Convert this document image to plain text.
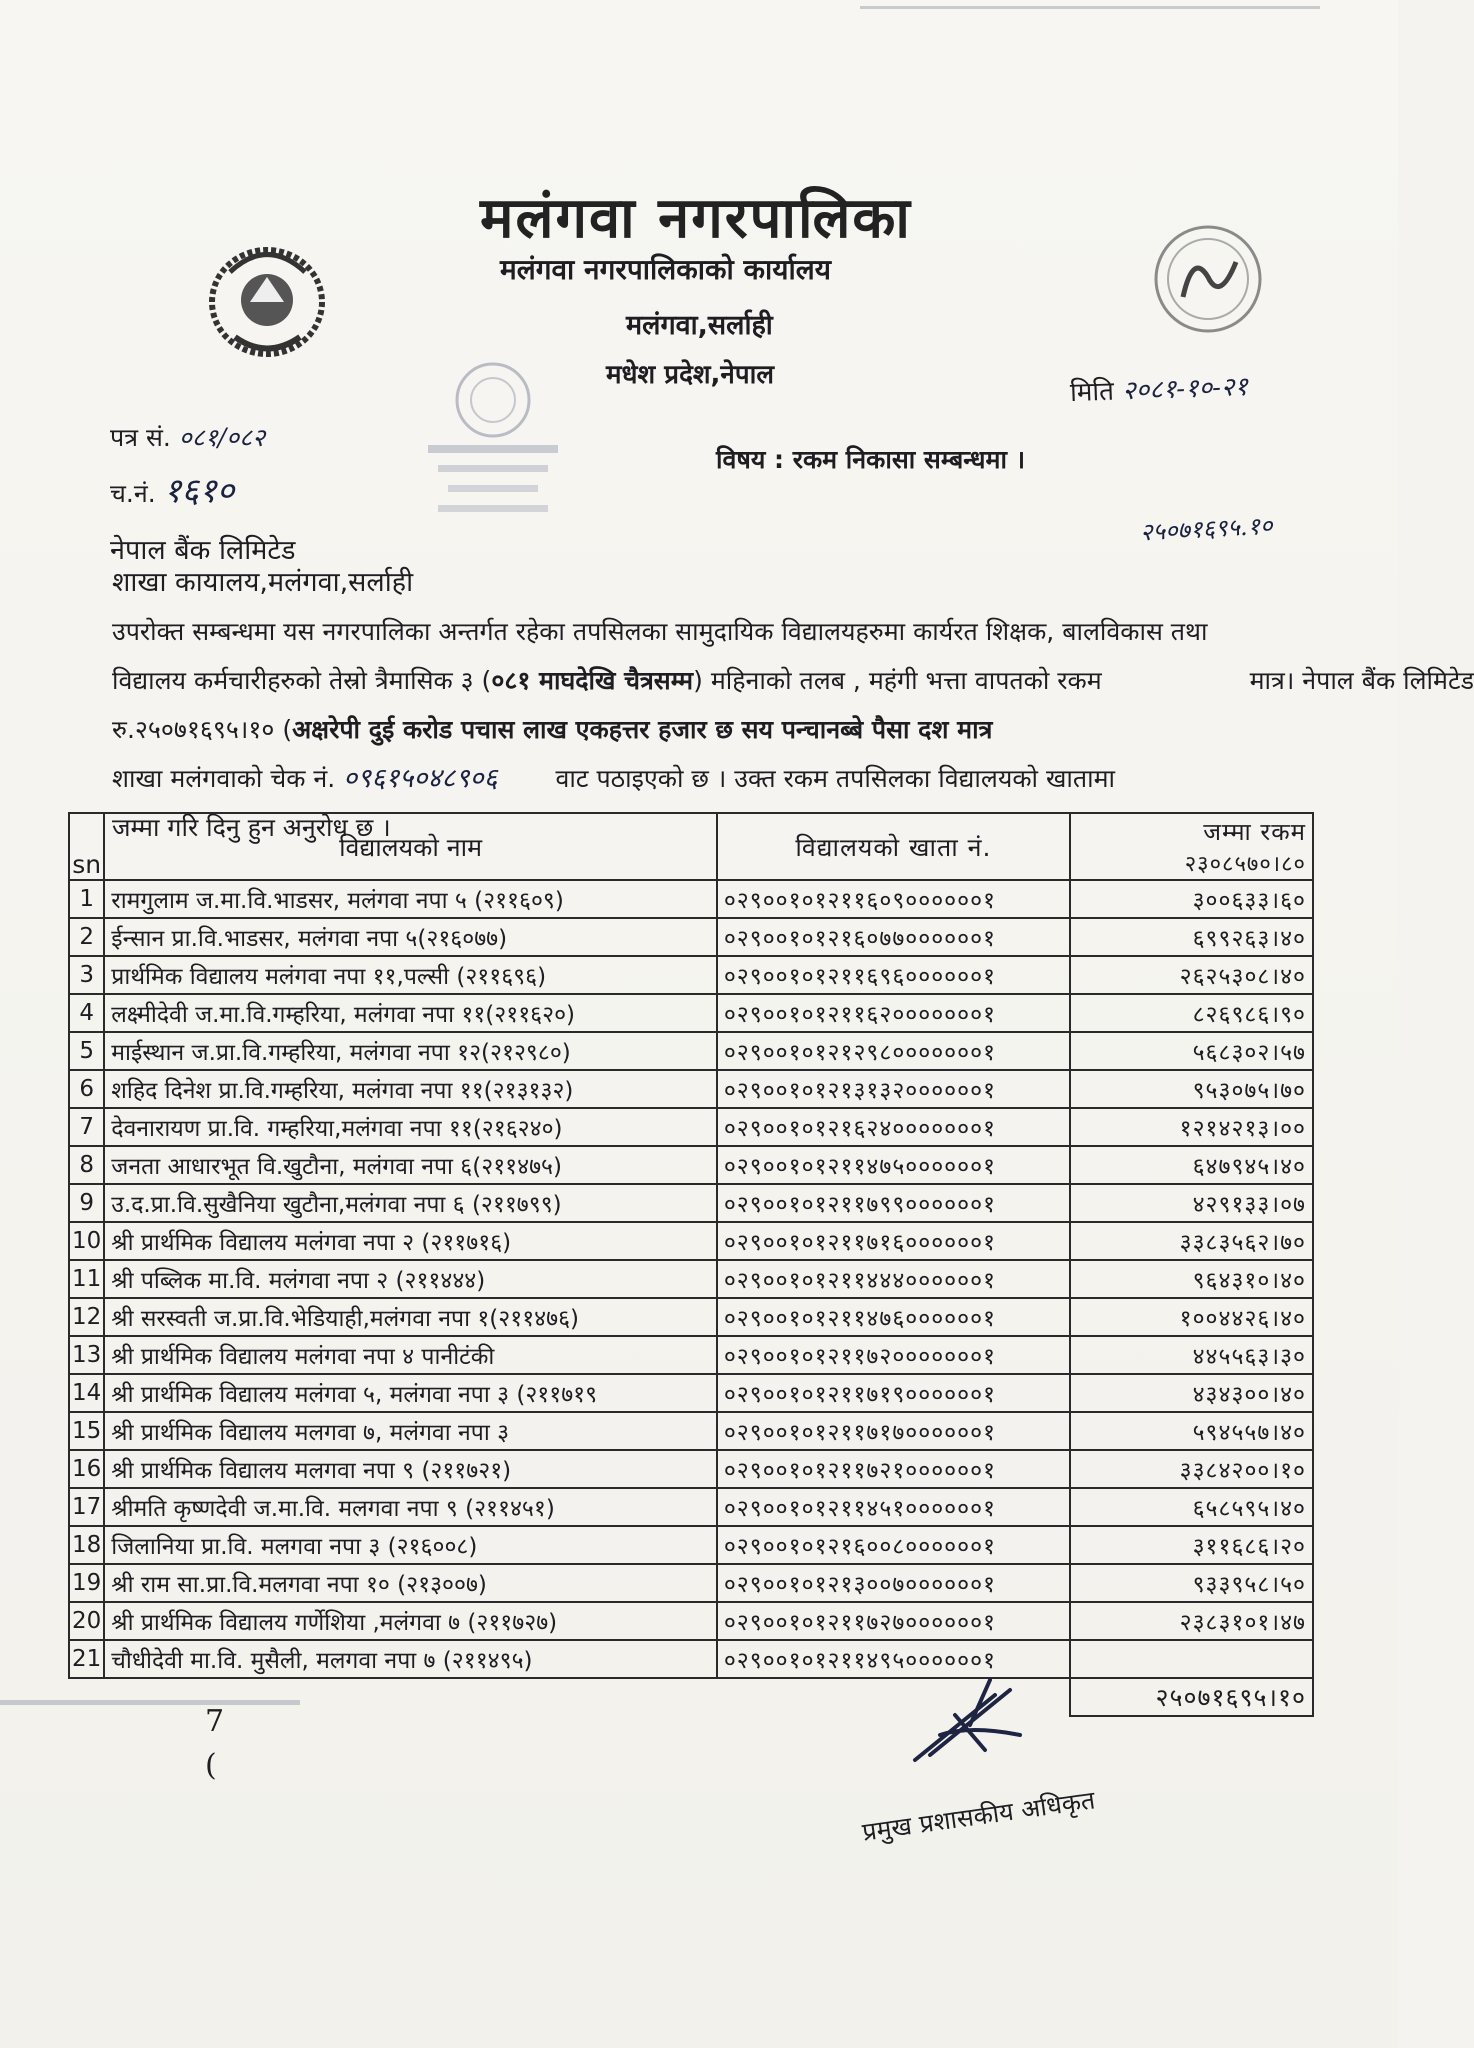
मलंगवा नगरपालिका
मलंगवा नगरपालिकाको कार्यालय
मलंगवा,सर्लाही
मधेश प्रदेश,नेपाल
मिति २०८१-१०-२१
पत्र सं. ०८१/०८२
च.नं. १६१०
विषय : रकम निकासा सम्बन्धमा ।
नेपाल बैंक लिमिटेड
२५०७१६९५.१०
शाखा कायालय,मलंगवा,सर्लाही
उपरोक्त सम्बन्धमा यस नगरपालिका अन्तर्गत रहेका तपसिलका सामुदायिक विद्यालयहरुमा कार्यरत शिक्षक, बालविकास तथा
विद्यालय कर्मचारीहरुको तेस्रो त्रैमासिक ३ (०८१ माघदेखि चैत्रसम्म) महिनाको तलब , महंगी भत्ता वापतको रकम	मात्र। नेपाल बैंक लिमिटेड
रु.२५०७१६९५।१० (अक्षरेपी दुई करोड पचास लाख एकहत्तर हजार छ सय पन्चानब्बे पैसा दश मात्र
शाखा मलंगवाको चेक नं. ०९६१५०४८९०६ वाट पठाइएको छ । उक्त रकम तपसिलका विद्यालयको खातामा
जम्मा गरि दिनु हुन अनुरोध छ ।
sn	विद्यालयको नाम	विद्यालयको खाता नं.	जम्मा रकम
२३०८५७०।८०

1	रामगुलाम ज.मा.वि.भाडसर, मलंगवा नपा ५ (२११६०९)	०२९००१०१२११६०९००००००१	३००६३३।६०
2	ईन्सान प्रा.वि.भाडसर, मलंगवा नपा ५(२१६०७७)	०२९००१०१२१६०७७००००००१	६९९२६३।४०
3	प्रार्थमिक विद्यालय मलंगवा नपा ११,पल्सी (२११६९६)	०२९००१०१२११६९६००००००१	२६२५३०८।४०
4	लक्ष्मीदेवी ज.मा.वि.गम्हरिया, मलंगवा नपा ११(२११६२०)	०२९००१०१२११६२०००००००१	८२६९८६।९०
5	माईस्थान ज.प्रा.वि.गम्हरिया, मलंगवा नपा १२(२१२९८०)	०२९००१०१२१२९८०००००००१	५६८३०२।५७
6	शहिद दिनेश प्रा.वि.गम्हरिया, मलंगवा नपा ११(२१३१३२)	०२९००१०१२१३१३२००००००१	९५३०७५।७०
7	देवनारायण प्रा.वि. गम्हरिया,मलंगवा नपा ११(२१६२४०)	०२९००१०१२१६२४०००००००१	१२१४२१३।००
8	जनता आधारभूत वि.खुटौना, मलंगवा नपा ६(२११४७५)	०२९००१०१२११४७५००००००१	६४७९४५।४०
9	उ.द.प्रा.वि.सुखैनिया खुटौना,मलंगवा नपा ६ (२११७९९)	०२९००१०१२११७९९००००००१	४२९१३३।०७
10	श्री प्रार्थमिक विद्यालय मलंगवा नपा २ (२११७१६)	०२९००१०१२११७१६००००००१	३३८३५६२।७०
11	श्री पब्लिक मा.वि. मलंगवा नपा २ (२११४४४)	०२९००१०१२११४४४००००००१	९६४३१०।४०
12	श्री सरस्वती ज.प्रा.वि.भेडियाही,मलंगवा नपा १(२११४७६)	०२९००१०१२११४७६००००००१	१००४४२६।४०
13	श्री प्रार्थमिक विद्यालय मलंगवा नपा ४ पानीटंकी	०२९००१०१२११७२०००००००१	४४५५६३।३०
14	श्री प्रार्थमिक विद्यालय मलंगवा ५, मलंगवा नपा ३ (२११७१९	०२९००१०१२११७१९००००००१	४३४३००।४०
15	श्री प्रार्थमिक विद्यालय मलगवा ७, मलंगवा नपा ३	०२९००१०१२११७१७००००००१	५९४५५७।४०
16	श्री प्रार्थमिक विद्यालय मलगवा नपा ९ (२११७२१)	०२९००१०१२११७२१००००००१	३३८४२००।१०
17	श्रीमति कृष्णदेवी ज.मा.वि. मलगवा नपा ९ (२११४५१)	०२९००१०१२११४५१००००००१	६५८५९५।४०
18	जिलानिया प्रा.वि. मलगवा नपा ३ (२१६००८)	०२९००१०१२१६००८००००००१	३११६८६।२०
19	श्री राम सा.प्रा.वि.मलगवा नपा १० (२१३००७)	०२९००१०१२१३००७००००००१	९३३९५८।५०
20	श्री प्रार्थमिक विद्यालय गर्णेशिया ,मलंगवा ७ (२११७२७)	०२९००१०१२११७२७००००००१	२३८३१०१।४७
21	चौधीदेवी मा.वि. मुसैली, मलगवा नपा ७ (२११४९५)	०२९००१०१२११४९५००००००१	
			२५०७१६९५।१०
7
(
प्रमुख प्रशासकीय अधिकृत
